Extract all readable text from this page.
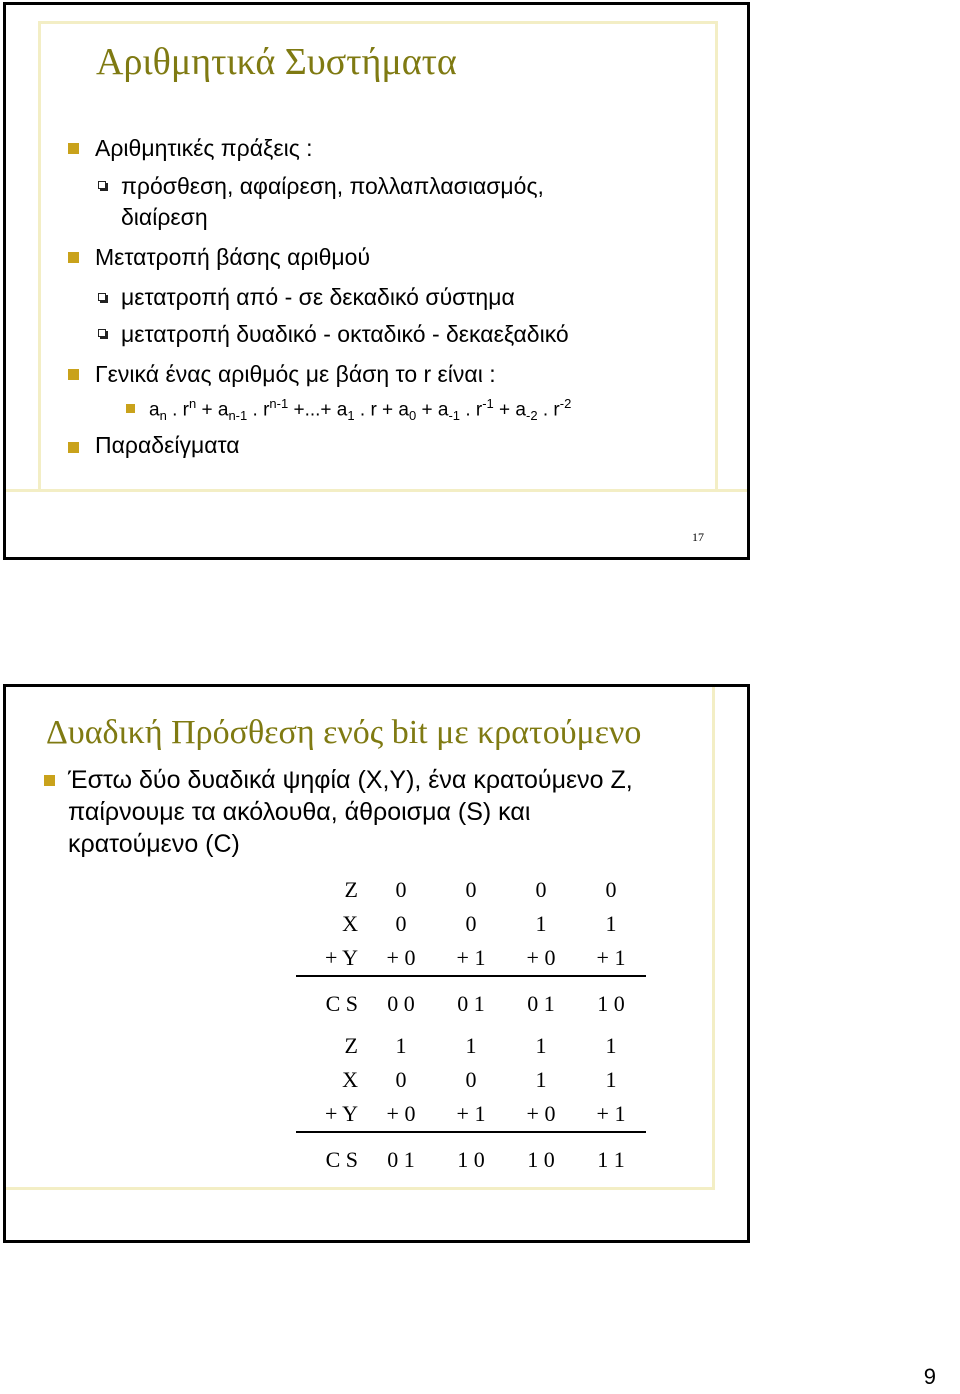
Αριθμητικά Συστήματα
Αριθμητικές πράξεις :
πρόσθεση, αφαίρεση, πολλαπλασιασμός,
διαίρεση
Μετατροπή βάσης αριθμού
μετατροπή από - σε δεκαδικό σύστημα
μετατροπή δυαδικό - οκταδικό - δεκαεξαδικό
Γενικά ένας αριθμός με βάση το r είναι :
$a_n$ . $r^n + a_{n-1}$ . $r^{n-1}$ +...+ $a_1$ . $r + a_0 + a_{-1}$ . $r^{-1} + a_{-2}$ . $r^{-2}$
Παραδείγματα
17
Δυαδική Πρόσθεση ενός bit με κρατούμενο
Έστω δύο δυαδικά ψηφία (X,Y), ένα κρατούμενο Z,
παίρνουμε τα ακόλουθα, άθροισμα (S) και
κρατούμενο (C)
Z	0	0	0	0
X	0	0	1	1
+ Y	+ 0	+ 1	+ 0	+ 1
C S	0 0	0 1	0 1	1 0
Z	1	1	1	1
X	0	0	1	1
+ Y	+ 0	+ 1	+ 0	+ 1
C S	0 1	1 0	1 0	1 1
9
